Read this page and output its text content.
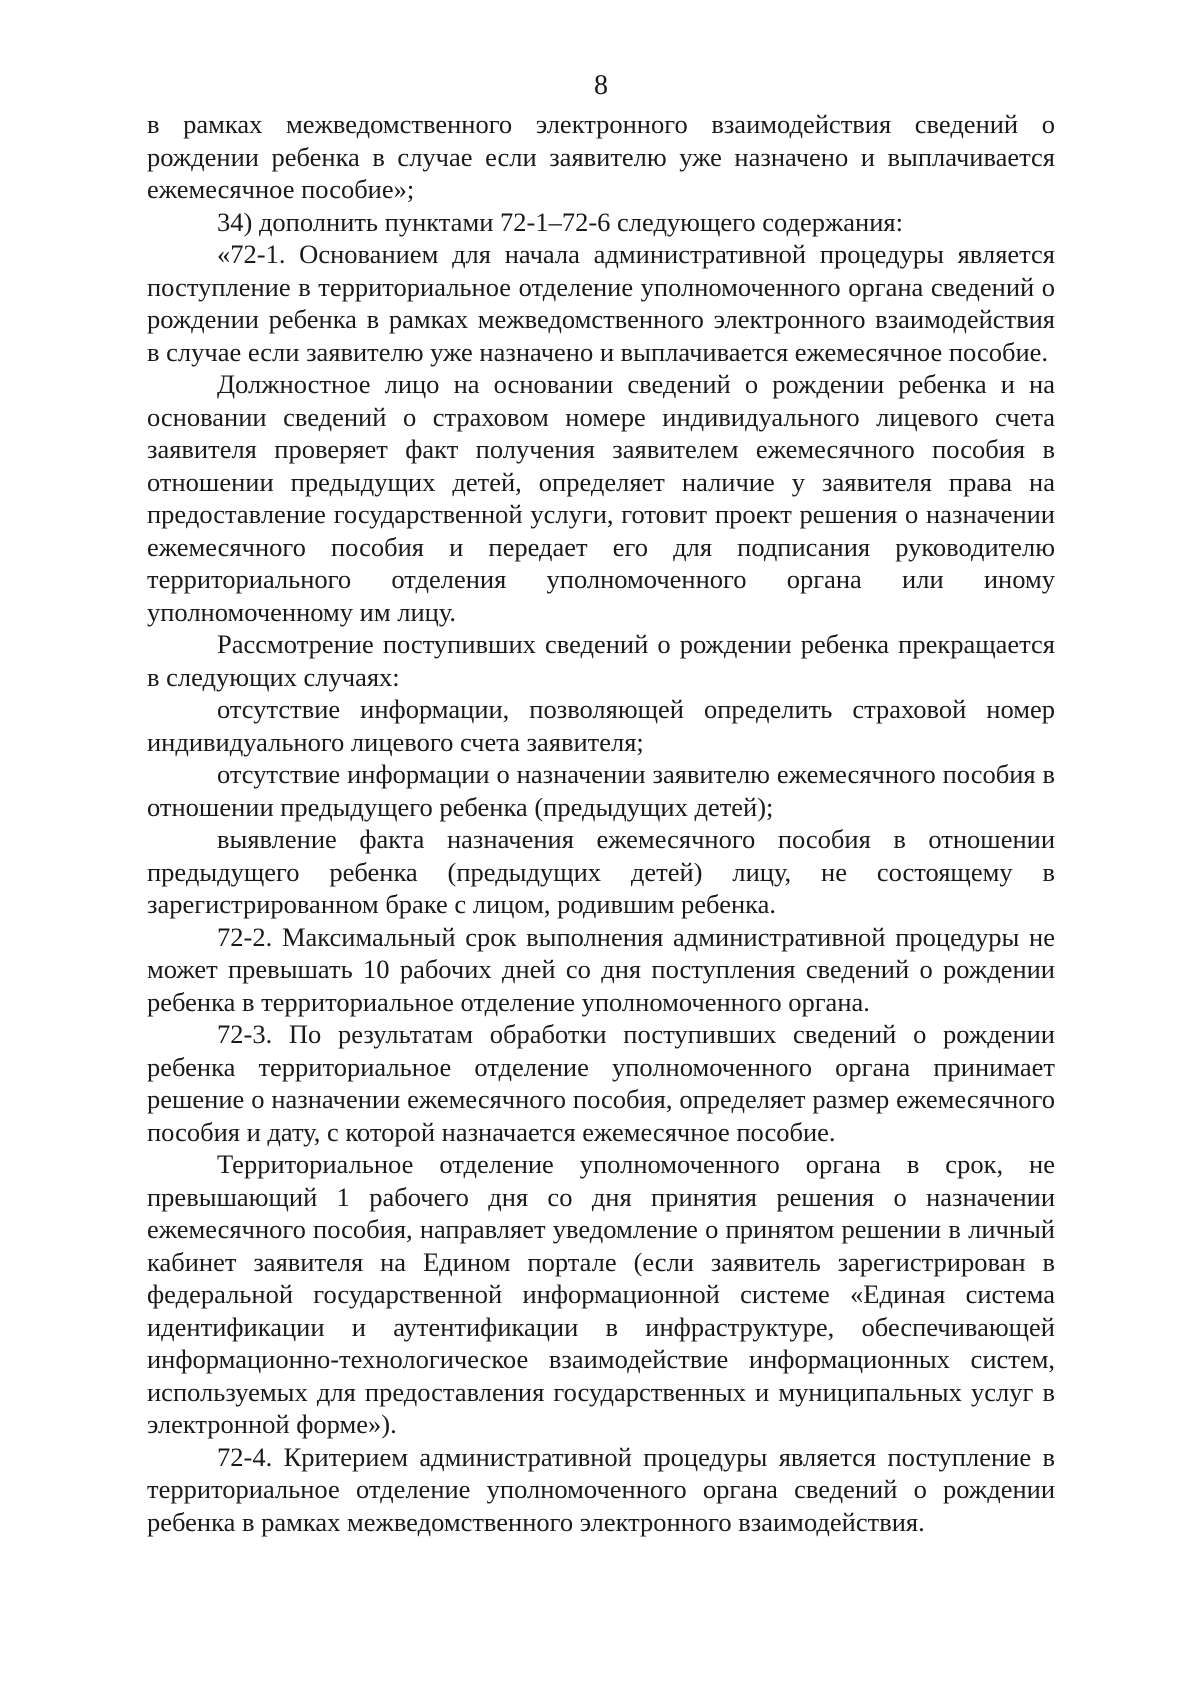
8

в рамках межведомственного электронного взаимодействия сведений о рождении ребенка в случае если заявителю уже назначено и выплачивается ежемесячное пособие»;

34) дополнить пунктами 72-1–72-6 следующего содержания:

«72-1. Основанием для начала административной процедуры является поступление в территориальное отделение уполномоченного органа сведений о рождении ребенка в рамках межведомственного электронного взаимодействия в случае если заявителю уже назначено и выплачивается ежемесячное пособие.

Должностное лицо на основании сведений о рождении ребенка и на основании сведений о страховом номере индивидуального лицевого счета заявителя проверяет факт получения заявителем ежемесячного пособия в отношении предыдущих детей, определяет наличие у заявителя права на предоставление государственной услуги, готовит проект решения о назначении ежемесячного пособия и передает его для подписания руководителю территориального отделения уполномоченного органа или иному уполномоченному им лицу.

Рассмотрение поступивших сведений о рождении ребенка прекращается в следующих случаях:

отсутствие информации, позволяющей определить страховой номер индивидуального лицевого счета заявителя;

отсутствие информации о назначении заявителю ежемесячного пособия в отношении предыдущего ребенка (предыдущих детей);

выявление факта назначения ежемесячного пособия в отношении предыдущего ребенка (предыдущих детей) лицу, не состоящему в зарегистрированном браке с лицом, родившим ребенка.

72-2. Максимальный срок выполнения административной процедуры не может превышать 10 рабочих дней со дня поступления сведений о рождении ребенка в территориальное отделение уполномоченного органа.

72-3. По результатам обработки поступивших сведений о рождении ребенка территориальное отделение уполномоченного органа принимает решение о назначении ежемесячного пособия, определяет размер ежемесячного пособия и дату, с которой назначается ежемесячное пособие.

Территориальное отделение уполномоченного органа в срок, не превышающий 1 рабочего дня со дня принятия решения о назначении ежемесячного пособия, направляет уведомление о принятом решении в личный кабинет заявителя на Едином портале (если заявитель зарегистрирован в федеральной государственной информационной системе «Единая система идентификации и аутентификации в инфраструктуре, обеспечивающей информационно-технологическое взаимодействие информационных систем, используемых для предоставления государственных и муниципальных услуг в электронной форме»).

72-4. Критерием административной процедуры является поступление в территориальное отделение уполномоченного органа сведений о рождении ребенка в рамках межведомственного электронного взаимодействия.
